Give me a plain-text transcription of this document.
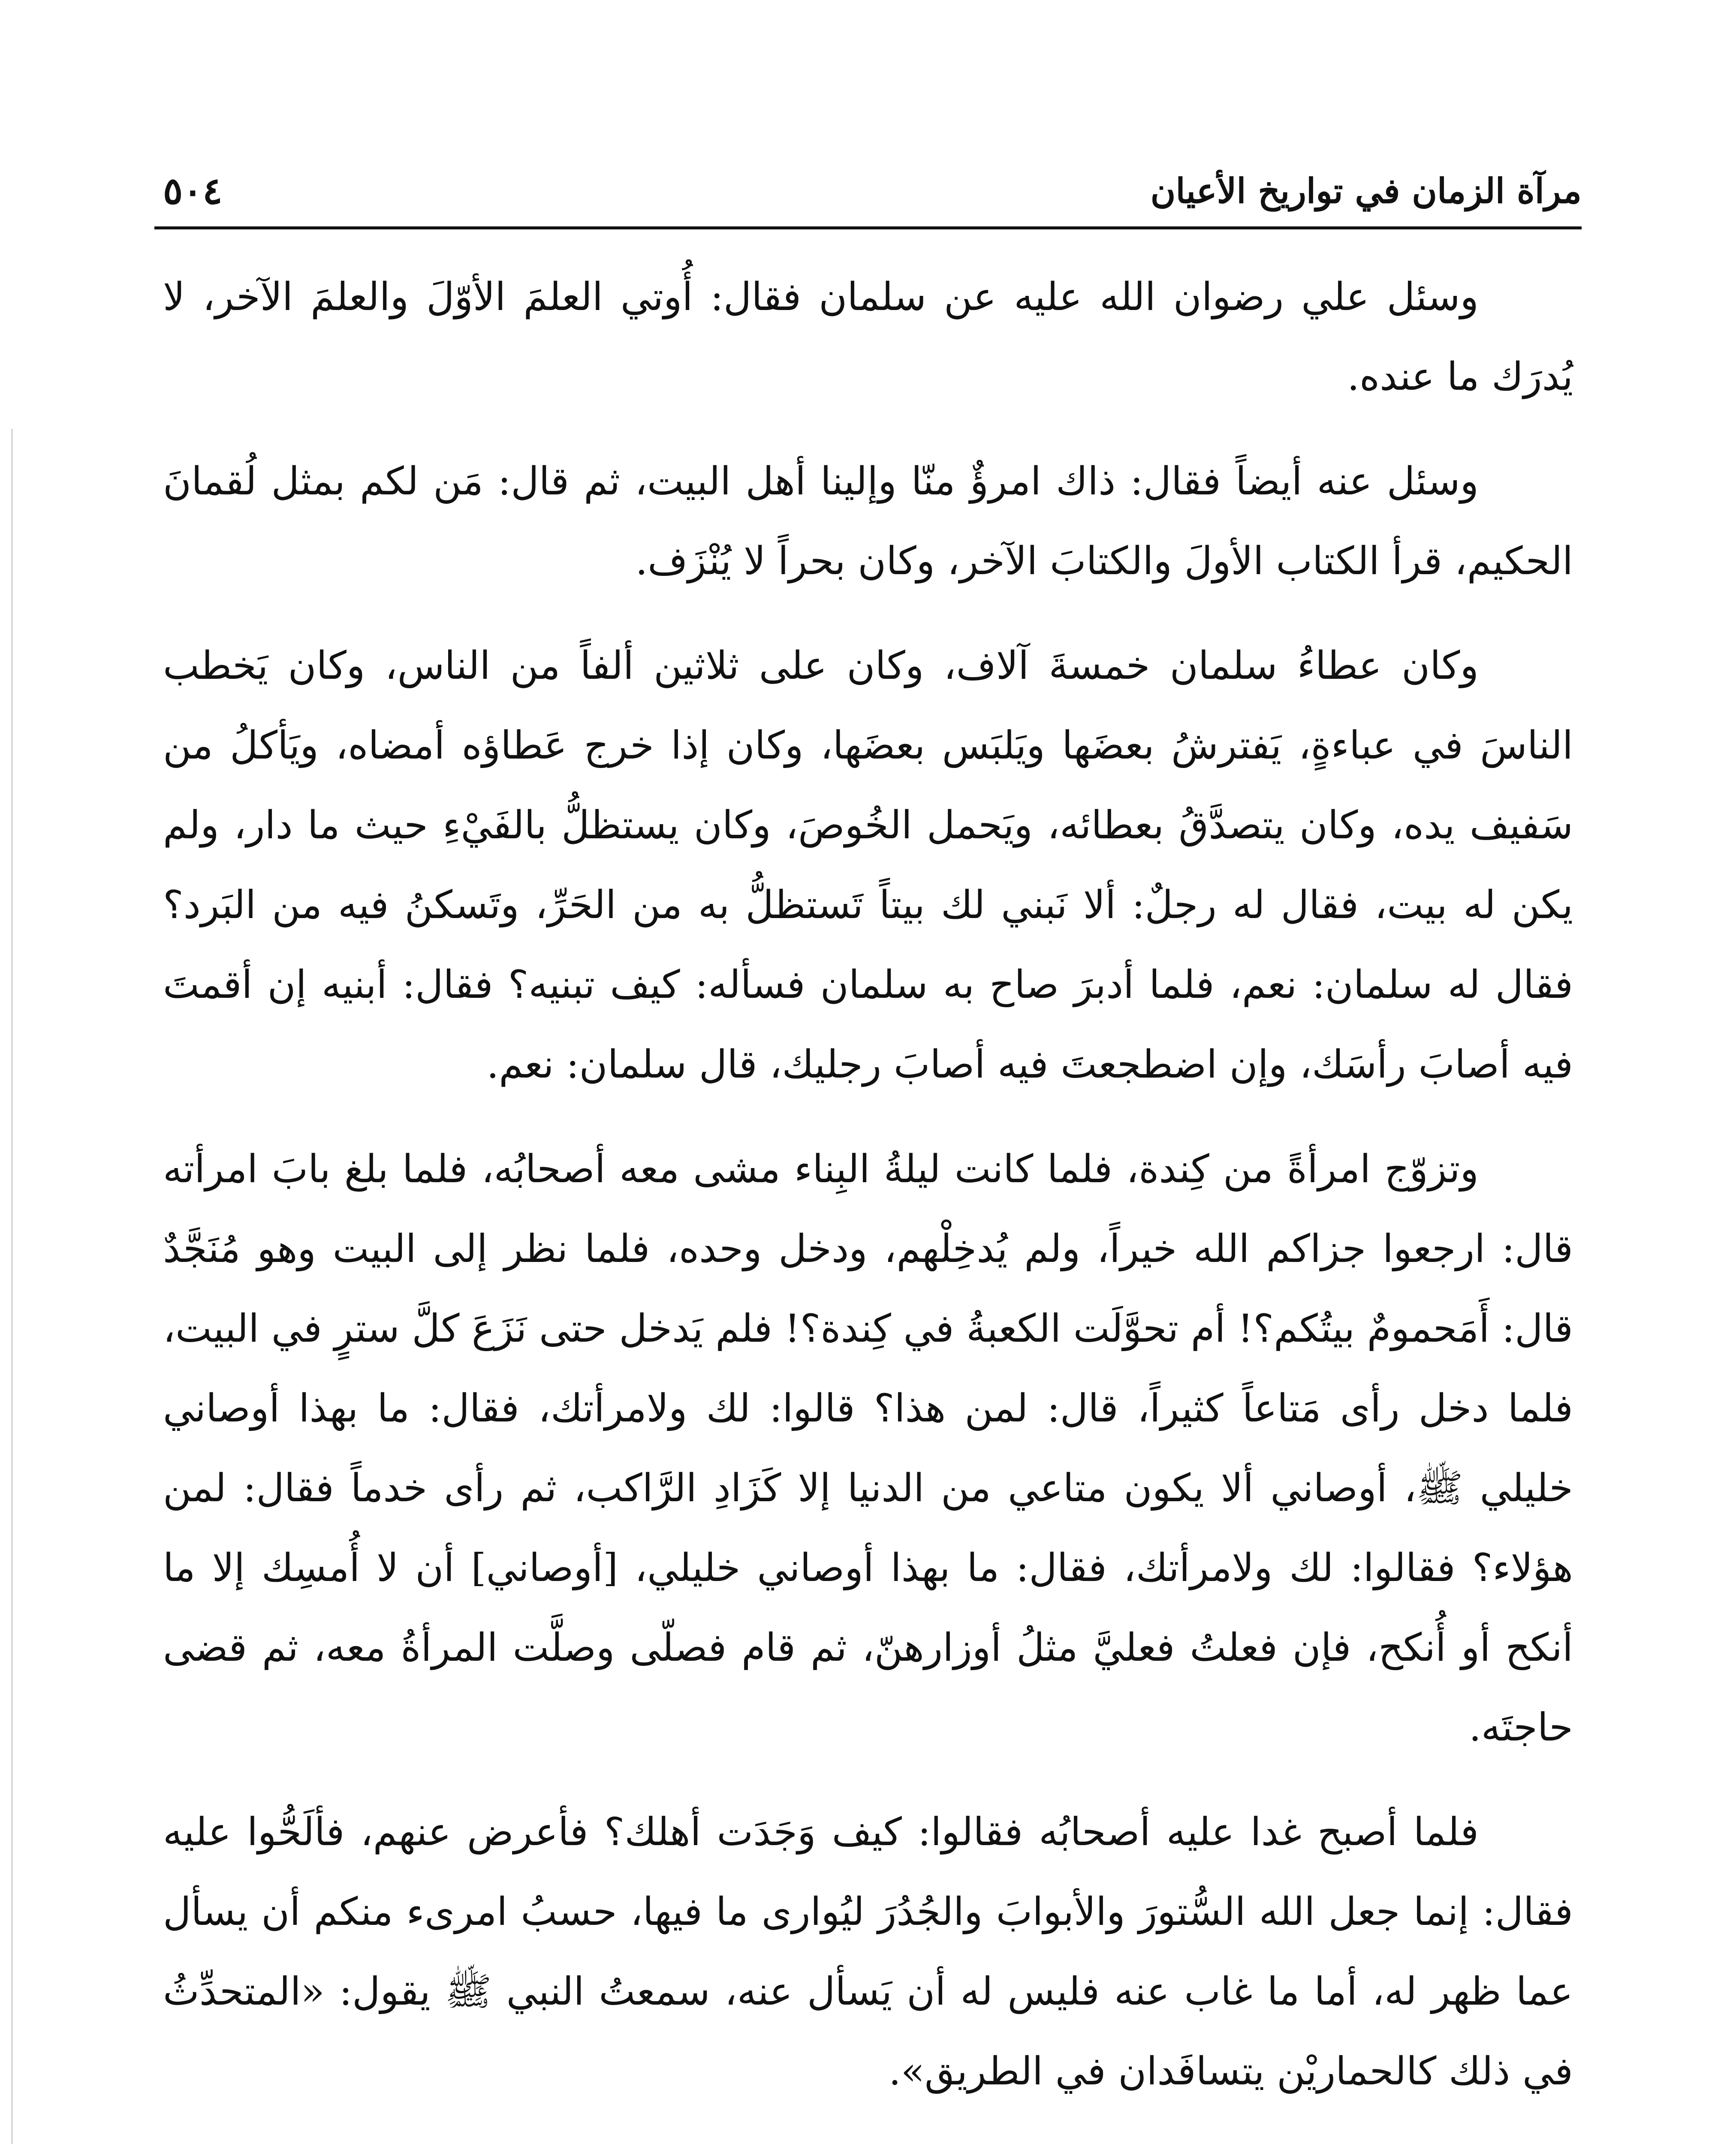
مرآة الزمان في تواريخ الأعيان
٥٠٤

وسئل علي رضوان الله عليه عن سلمان فقال: أُوتي العلمَ الأوّلَ والعلمَ الآخر، لا يُدرَك ما عنده.

وسئل عنه أيضاً فقال: ذاك امرؤٌ منّا وإلينا أهل البيت، ثم قال: مَن لكم بمثل لُقمانَ الحكيم، قرأ الكتاب الأولَ والكتابَ الآخر، وكان بحراً لا يُنْزَف.

وكان عطاءُ سلمان خمسةَ آلاف، وكان على ثلاثين ألفاً من الناس، وكان يَخطب الناسَ في عباءةٍ، يَفترشُ بعضَها ويَلبَس بعضَها، وكان إذا خرج عَطاؤه أمضاه، ويَأكلُ من سَفيف يده، وكان يتصدَّقُ بعطائه، ويَحمل الخُوصَ، وكان يستظلُّ بالفَيْءِ حيث ما دار، ولم يكن له بيت، فقال له رجلٌ: ألا نَبني لك بيتاً تَستظلُّ به من الحَرِّ، وتَسكنُ فيه من البَرد؟ فقال له سلمان: نعم، فلما أدبرَ صاح به سلمان فسأله: كيف تبنيه؟ فقال: أبنيه إن أقمتَ فيه أصابَ رأسَك، وإن اضطجعتَ فيه أصابَ رجليك، قال سلمان: نعم.

وتزوّج امرأةً من كِندة، فلما كانت ليلةُ البِناء مشى معه أصحابُه، فلما بلغ بابَ امرأته قال: ارجعوا جزاكم الله خيراً، ولم يُدخِلْهم، ودخل وحده، فلما نظر إلى البيت وهو مُنَجَّدٌ قال: أَمَحمومٌ بيتُكم؟! أم تحوَّلَت الكعبةُ في كِندة؟! فلم يَدخل حتى نَزَعَ كلَّ سترٍ في البيت، فلما دخل رأى مَتاعاً كثيراً، قال: لمن هذا؟ قالوا: لك ولامرأتك، فقال: ما بهذا أوصاني خليلي ﷺ، أوصاني ألا يكون متاعي من الدنيا إلا كَزَادِ الرَّاكب، ثم رأى خدماً فقال: لمن هؤلاء؟ فقالوا: لك ولامرأتك، فقال: ما بهذا أوصاني خليلي، [أوصاني] أن لا أُمسِك إلا ما أنكح أو أُنكح، فإن فعلتُ فعليَّ مثلُ أوزارهنّ، ثم قام فصلّى وصلَّت المرأةُ معه، ثم قضى حاجتَه.

فلما أصبح غدا عليه أصحابُه فقالوا: كيف وَجَدَت أهلك؟ فأعرض عنهم، فألَحُّوا عليه فقال: إنما جعل الله السُّتورَ والأبوابَ والجُدُرَ ليُوارى ما فيها، حسبُ امرىء منكم أن يسأل عما ظهر له، أما ما غاب عنه فليس له أن يَسأل عنه، سمعتُ النبي ﷺ يقول: «المتحدِّثُ في ذلك كالحماريْن يتسافَدان في الطريق».
